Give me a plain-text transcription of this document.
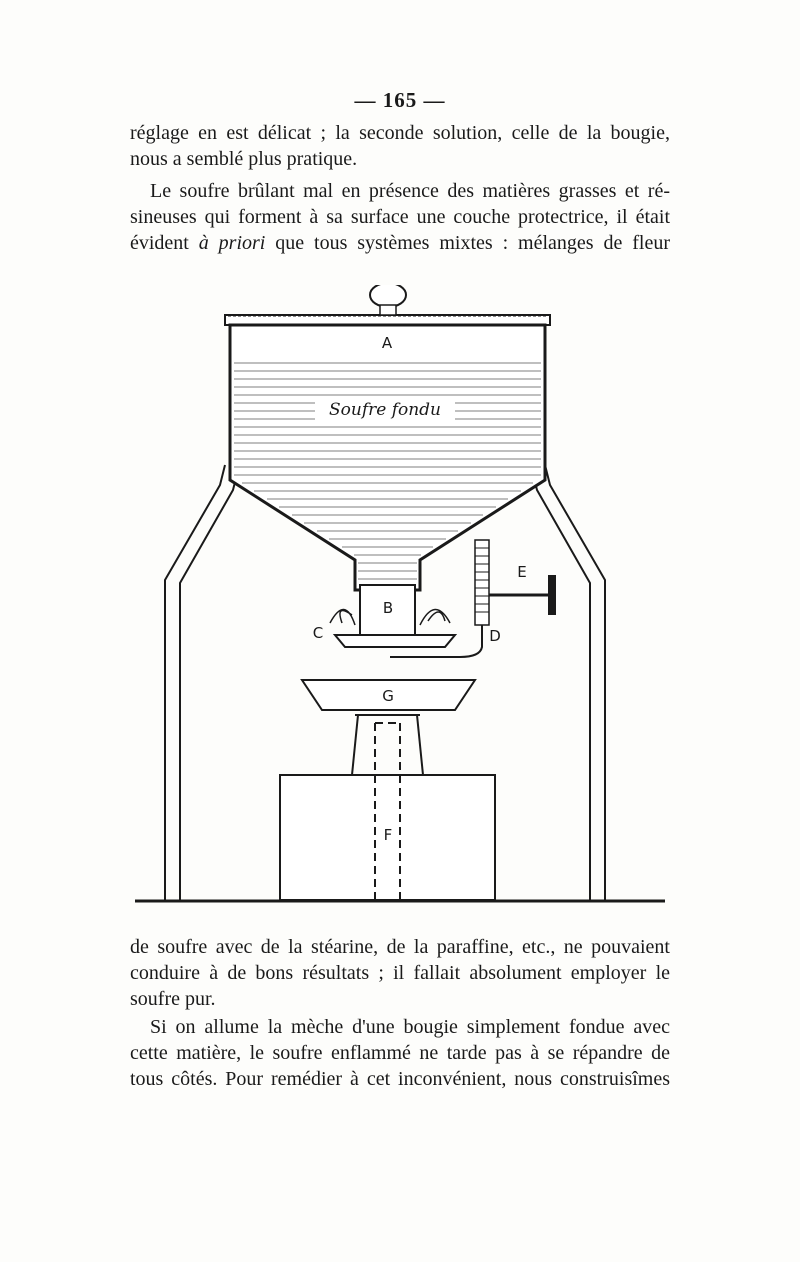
— 165 —
réglage en est délicat ; la seconde solution, celle de la bougie,
nous a semblé plus pratique.
Le soufre brûlant mal en présence des matières grasses et ré-
sineuses qui forment à sa surface une couche protectrice, il était
évident à priori que tous systèmes mixtes : mélanges de fleur
A
Soufre fondu
B
C
E
D
G
F
de soufre avec de la stéarine, de la paraffine, etc., ne pouvaient
conduire à de bons résultats ; il fallait absolument employer le
soufre pur.
Si on allume la mèche d'une bougie simplement fondue avec
cette matière, le soufre enflammé ne tarde pas à se répandre de
tous côtés. Pour remédier à cet inconvénient, nous construisîmes
